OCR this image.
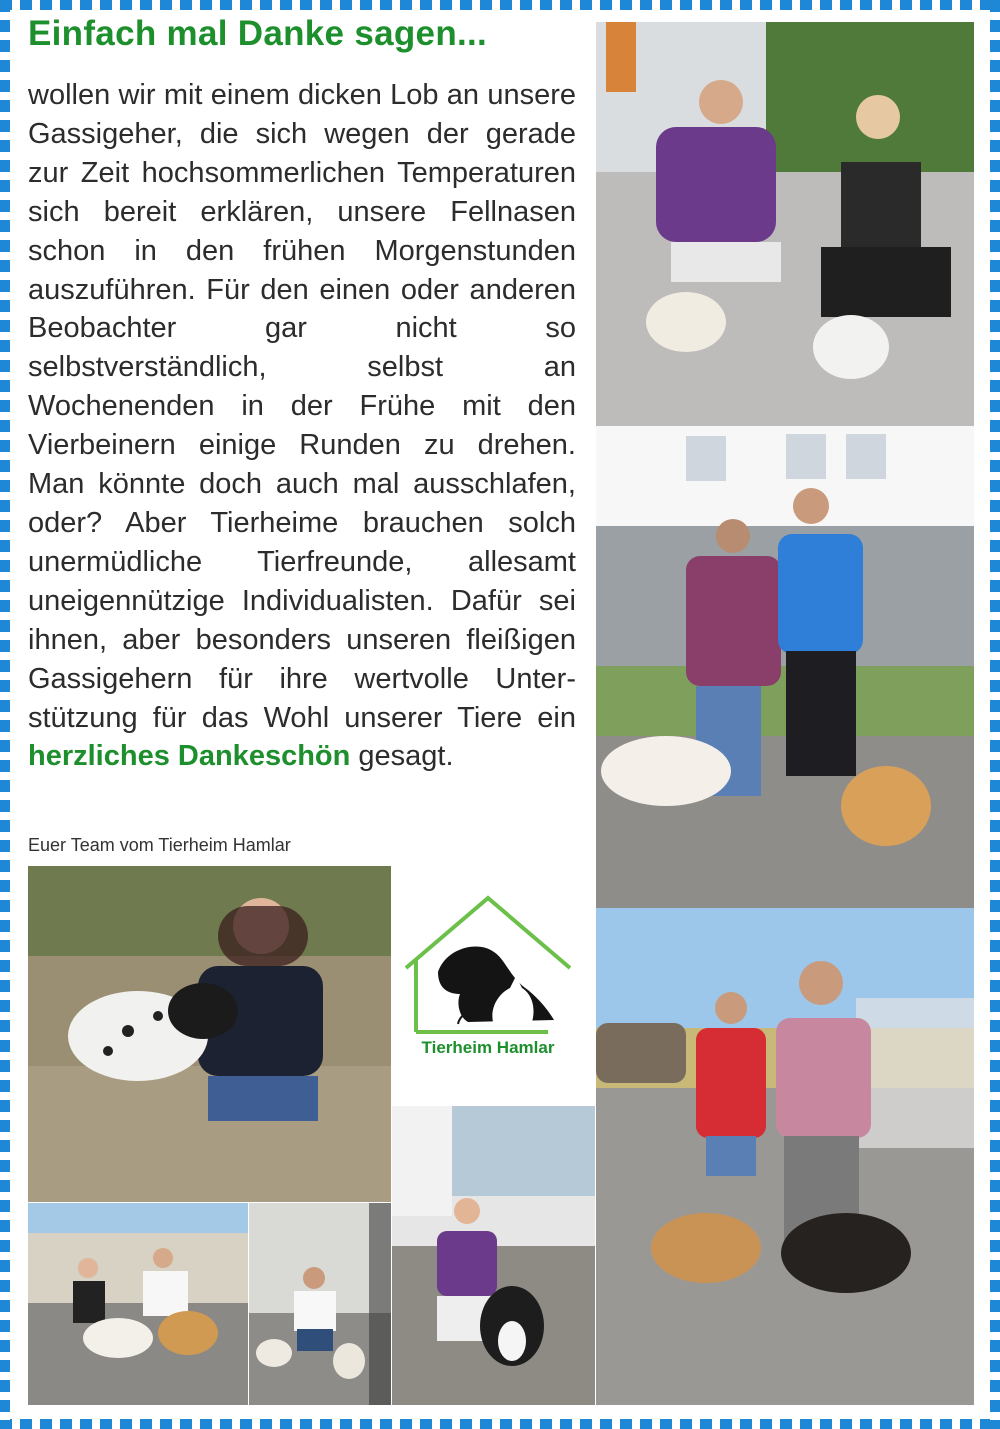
Einfach mal Danke sagen...

wollen wir mit einem dicken Lob an unsere Gassigeher, die sich wegen der gerade zur Zeit hochsommerlichen Temperaturen sich bereit erklären, unsere Fellnasen schon in den frühen Morgenstunden auszuführen. Für den einen oder anderen Beobachter gar nicht so selbstverständlich, selbst an Wochenenden in der Frühe mit den Vierbeinern einige Runden zu drehen. Man könnte doch auch mal ausschlafen, oder? Aber Tierheime brauchen solch unermüdliche Tierfreunde, allesamt uneigennützige Individualisten. Dafür sei ihnen, aber besonders unseren fleißigen Gassigehern für ihre wertvolle Unterstützung für das Wohl unserer Tiere ein herzliches Dankeschön gesagt.

Euer Team vom Tierheim Hamlar

Tierheim Hamlar
